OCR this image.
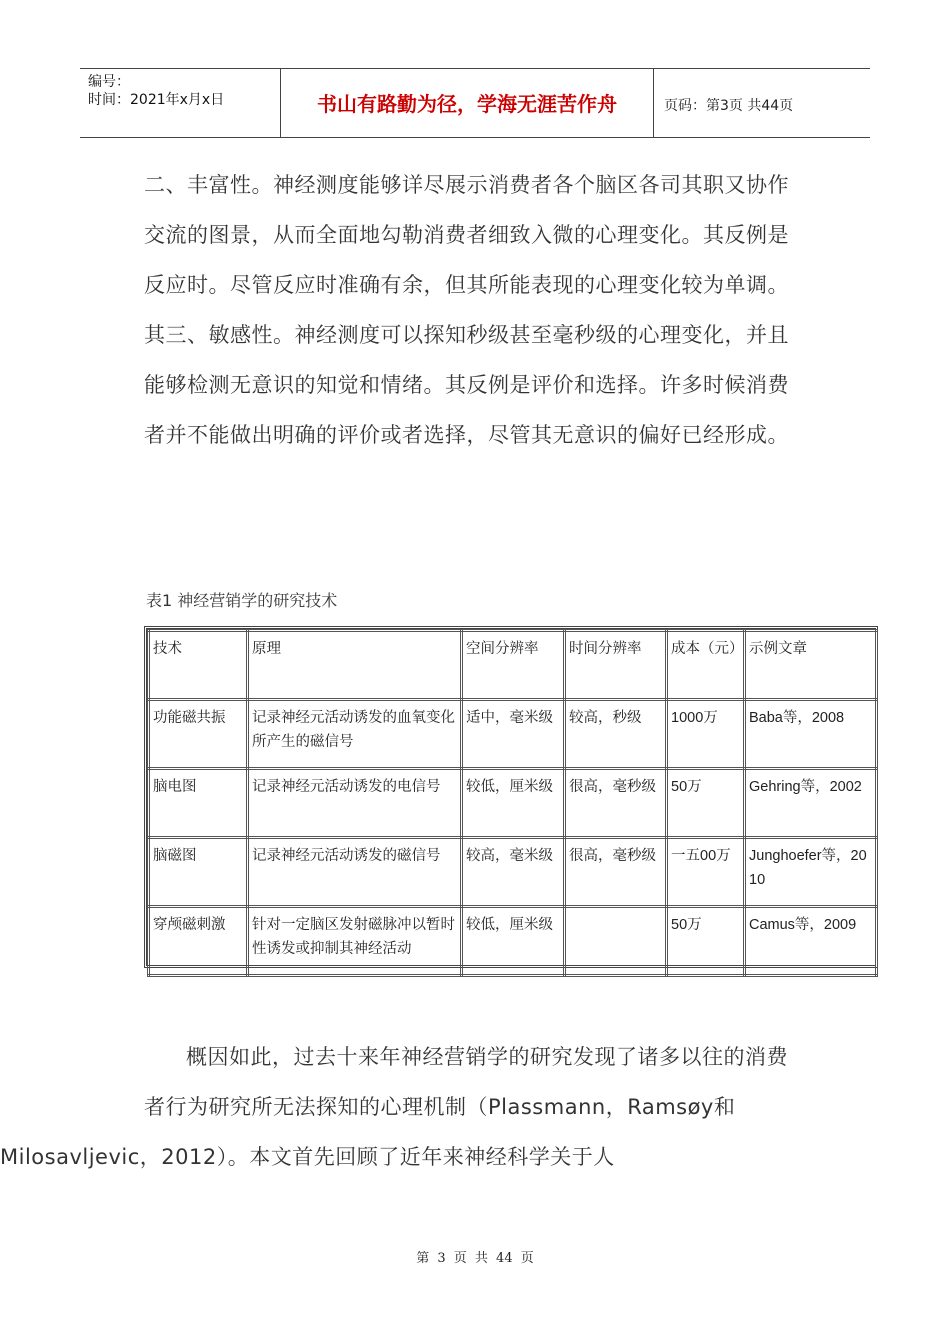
编号：
时间：2021年x月x日	书山有路勤为径，学海无涯苦作舟	页码：第3页 共44页

二、丰富性。神经测度能够详尽展示消费者各个脑区各司其职又协作交流的图景，从而全面地勾勒消费者细致入微的心理变化。其反例是反应时。尽管反应时准确有余，但其所能表现的心理变化较为单调。其三、敏感性。神经测度可以探知秒级甚至毫秒级的心理变化，并且能够检测无意识的知觉和情绪。其反例是评价和选择。许多时候消费者并不能做出明确的评价或者选择，尽管其无意识的偏好已经形成。

表1 神经营销学的研究技术
技术	原理	空间分辨率	时间分辨率	成本（元）	示例文章
功能磁共振	记录神经元活动诱发的血氧变化所产生的磁信号	适中，毫米级	较高，秒级	1000万	Baba等，2008
脑电图	记录神经元活动诱发的电信号	较低，厘米级	很高，毫秒级	50万	Gehring等，2002
脑磁图	记录神经元活动诱发的磁信号	较高，毫米级	很高，毫秒级	一五00万	Junghoefer等，2010
穿颅磁刺激	针对一定脑区发射磁脉冲以暂时性诱发或抑制其神经活动	较低，厘米级		50万	Camus等，2009

概因如此，过去十来年神经营销学的研究发现了诸多以往的消费者行为研究所无法探知的心理机制（Plassmann，Ramsøy和
Milosavljevic，2012）。本文首先回顾了近年来神经科学关于人

第 3 页 共 44 页
